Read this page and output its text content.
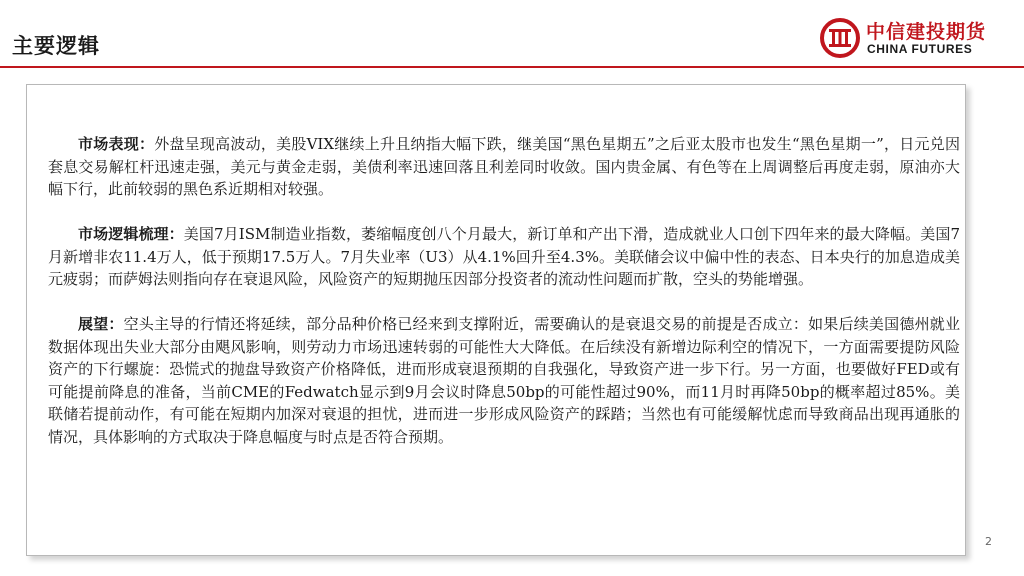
主要逻辑
中信建投期货
CHINA FUTURES

市场表现：外盘呈现高波动，美股VIX继续上升且纳指大幅下跌，继美国“黑色星期五”之后亚太股市也发生“黑色星期一”，日元兑因套息交易解杠杆迅速走强，美元与黄金走弱，美债利率迅速回落且利差同时收敛。国内贵金属、有色等在上周调整后再度走弱，原油亦大幅下行，此前较弱的黑色系近期相对较强。

市场逻辑梳理：美国7月ISM制造业指数，萎缩幅度创八个月最大，新订单和产出下滑，造成就业人口创下四年来的最大降幅。美国7月新增非农11.4万人，低于预期17.5万人。7月失业率（U3）从4.1%回升至4.3%。美联储会议中偏中性的表态、日本央行的加息造成美元疲弱；而萨姆法则指向存在衰退风险，风险资产的短期抛压因部分投资者的流动性问题而扩散，空头的势能增强。

展望：空头主导的行情还将延续，部分品种价格已经来到支撑附近，需要确认的是衰退交易的前提是否成立：如果后续美国德州就业数据体现出失业大部分由飓风影响，则劳动力市场迅速转弱的可能性大大降低。在后续没有新增边际利空的情况下，一方面需要提防风险资产的下行螺旋：恐慌式的抛盘导致资产价格降低，进而形成衰退预期的自我强化，导致资产进一步下行。另一方面，也要做好FED或有可能提前降息的准备，当前CME的Fedwatch显示到9月会议时降息50bp的可能性超过90%，而11月时再降50bp的概率超过85%。美联储若提前动作，有可能在短期内加深对衰退的担忧，进而进一步形成风险资产的踩踏；当然也有可能缓解忧虑而导致商品出现再通胀的情况，具体影响的方式取决于降息幅度与时点是否符合预期。

2
